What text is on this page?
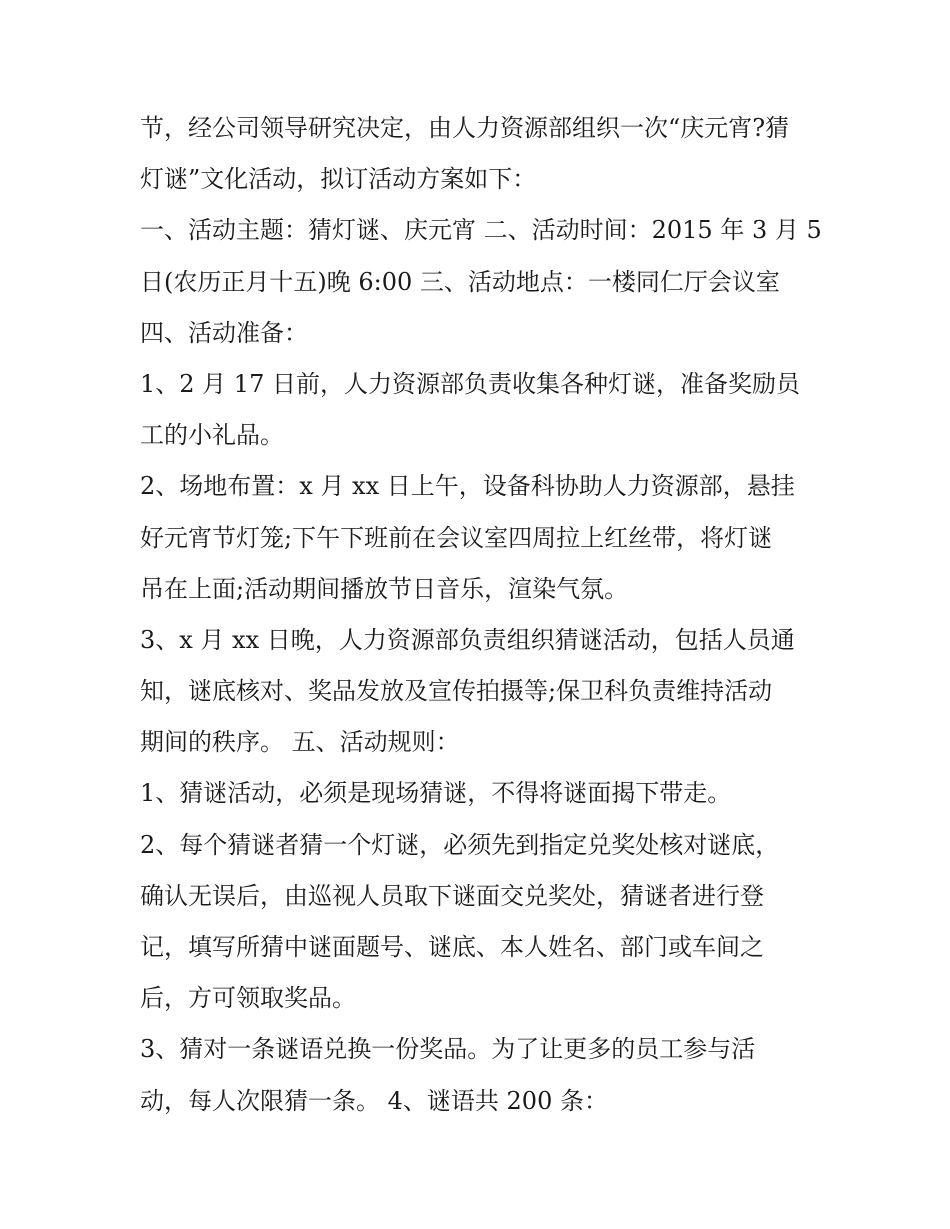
节，经公司领导研究决定，由人力资源部组织一次“庆元宵?猜
灯谜”文化活动，拟订活动方案如下：
一、活动主题：猜灯谜、庆元宵 二、活动时间：2015 年 3 月 5
日(农历正月十五)晚 6:00 三、活动地点：一楼同仁厅会议室
四、活动准备：
1、2 月 17 日前，人力资源部负责收集各种灯谜，准备奖励员
工的小礼品。
2、场地布置：x 月 xx 日上午，设备科协助人力资源部，悬挂
好元宵节灯笼;下午下班前在会议室四周拉上红丝带，将灯谜
吊在上面;活动期间播放节日音乐，渲染气氛。
3、x 月 xx 日晚，人力资源部负责组织猜谜活动，包括人员通
知，谜底核对、奖品发放及宣传拍摄等;保卫科负责维持活动
期间的秩序。 五、活动规则：
1、猜谜活动，必须是现场猜谜，不得将谜面揭下带走。
2、每个猜谜者猜一个灯谜，必须先到指定兑奖处核对谜底，
确认无误后，由巡视人员取下谜面交兑奖处，猜谜者进行登
记，填写所猜中谜面题号、谜底、本人姓名、部门或车间之
后，方可领取奖品。
3、猜对一条谜语兑换一份奖品。为了让更多的员工参与活
动，每人次限猜一条。 4、谜语共 200 条：
